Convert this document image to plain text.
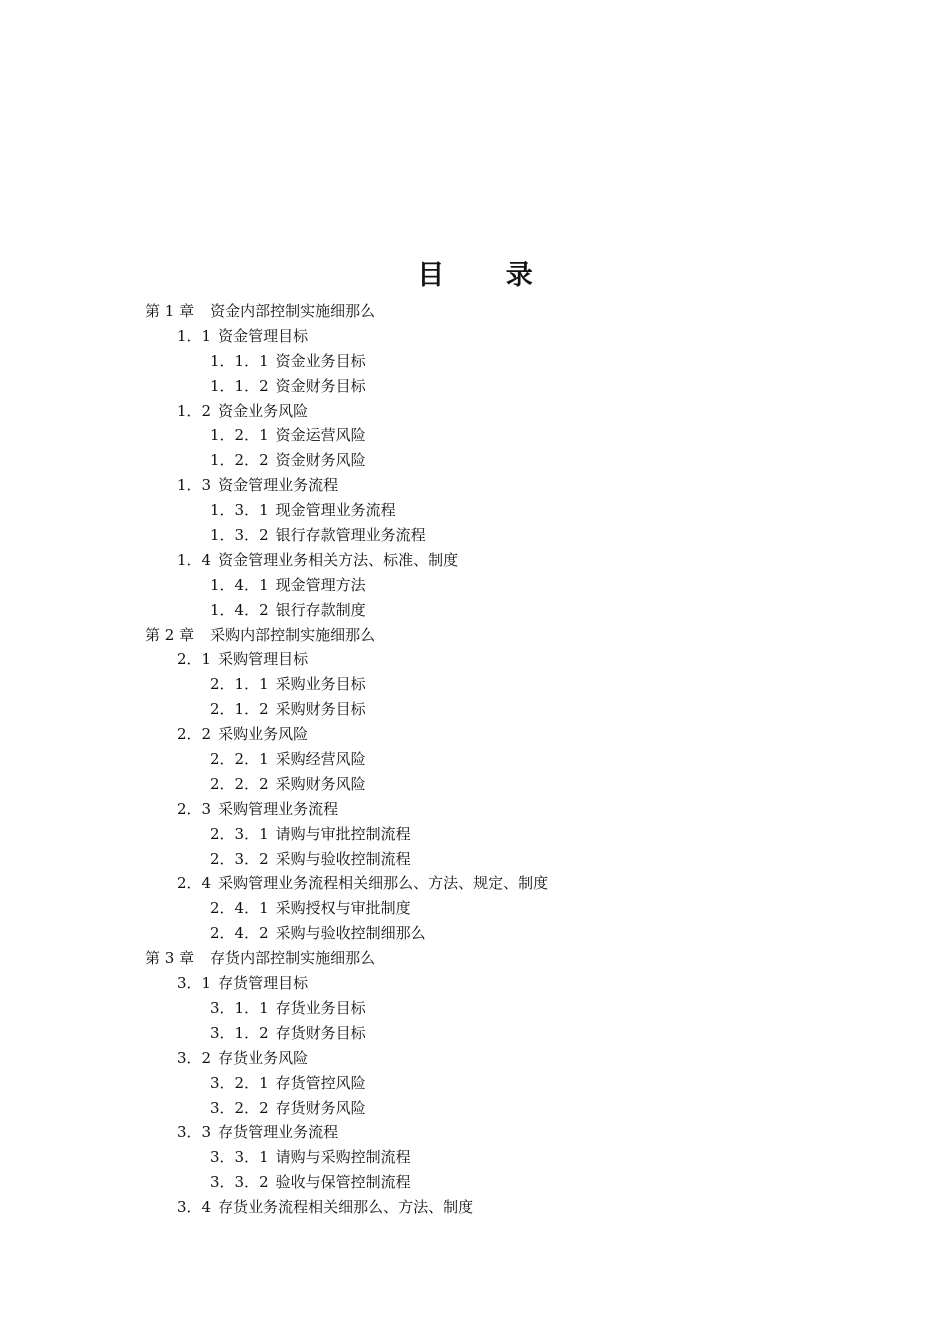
目 录
第 1 章 资金内部控制实施细那么
1．1 资金管理目标
1．1．1 资金业务目标
1．1．2 资金财务目标
1．2 资金业务风险
1．2．1 资金运营风险
1．2．2 资金财务风险
1．3 资金管理业务流程
1．3．1 现金管理业务流程
1．3．2 银行存款管理业务流程
1．4 资金管理业务相关方法、标准、制度
1．4．1 现金管理方法
1．4．2 银行存款制度
第 2 章 采购内部控制实施细那么
2．1 采购管理目标
2．1．1 采购业务目标
2．1．2 采购财务目标
2．2 采购业务风险
2．2．1 采购经营风险
2．2．2 采购财务风险
2．3 采购管理业务流程
2．3．1 请购与审批控制流程
2．3．2 采购与验收控制流程
2．4 采购管理业务流程相关细那么、方法、规定、制度
2．4．1 采购授权与审批制度
2．4．2 采购与验收控制细那么
第 3 章 存货内部控制实施细那么
3．1 存货管理目标
3．1．1 存货业务目标
3．1．2 存货财务目标
3．2 存货业务风险
3．2．1 存货管控风险
3．2．2 存货财务风险
3．3 存货管理业务流程
3．3．1 请购与采购控制流程
3．3．2 验收与保管控制流程
3．4 存货业务流程相关细那么、方法、制度
